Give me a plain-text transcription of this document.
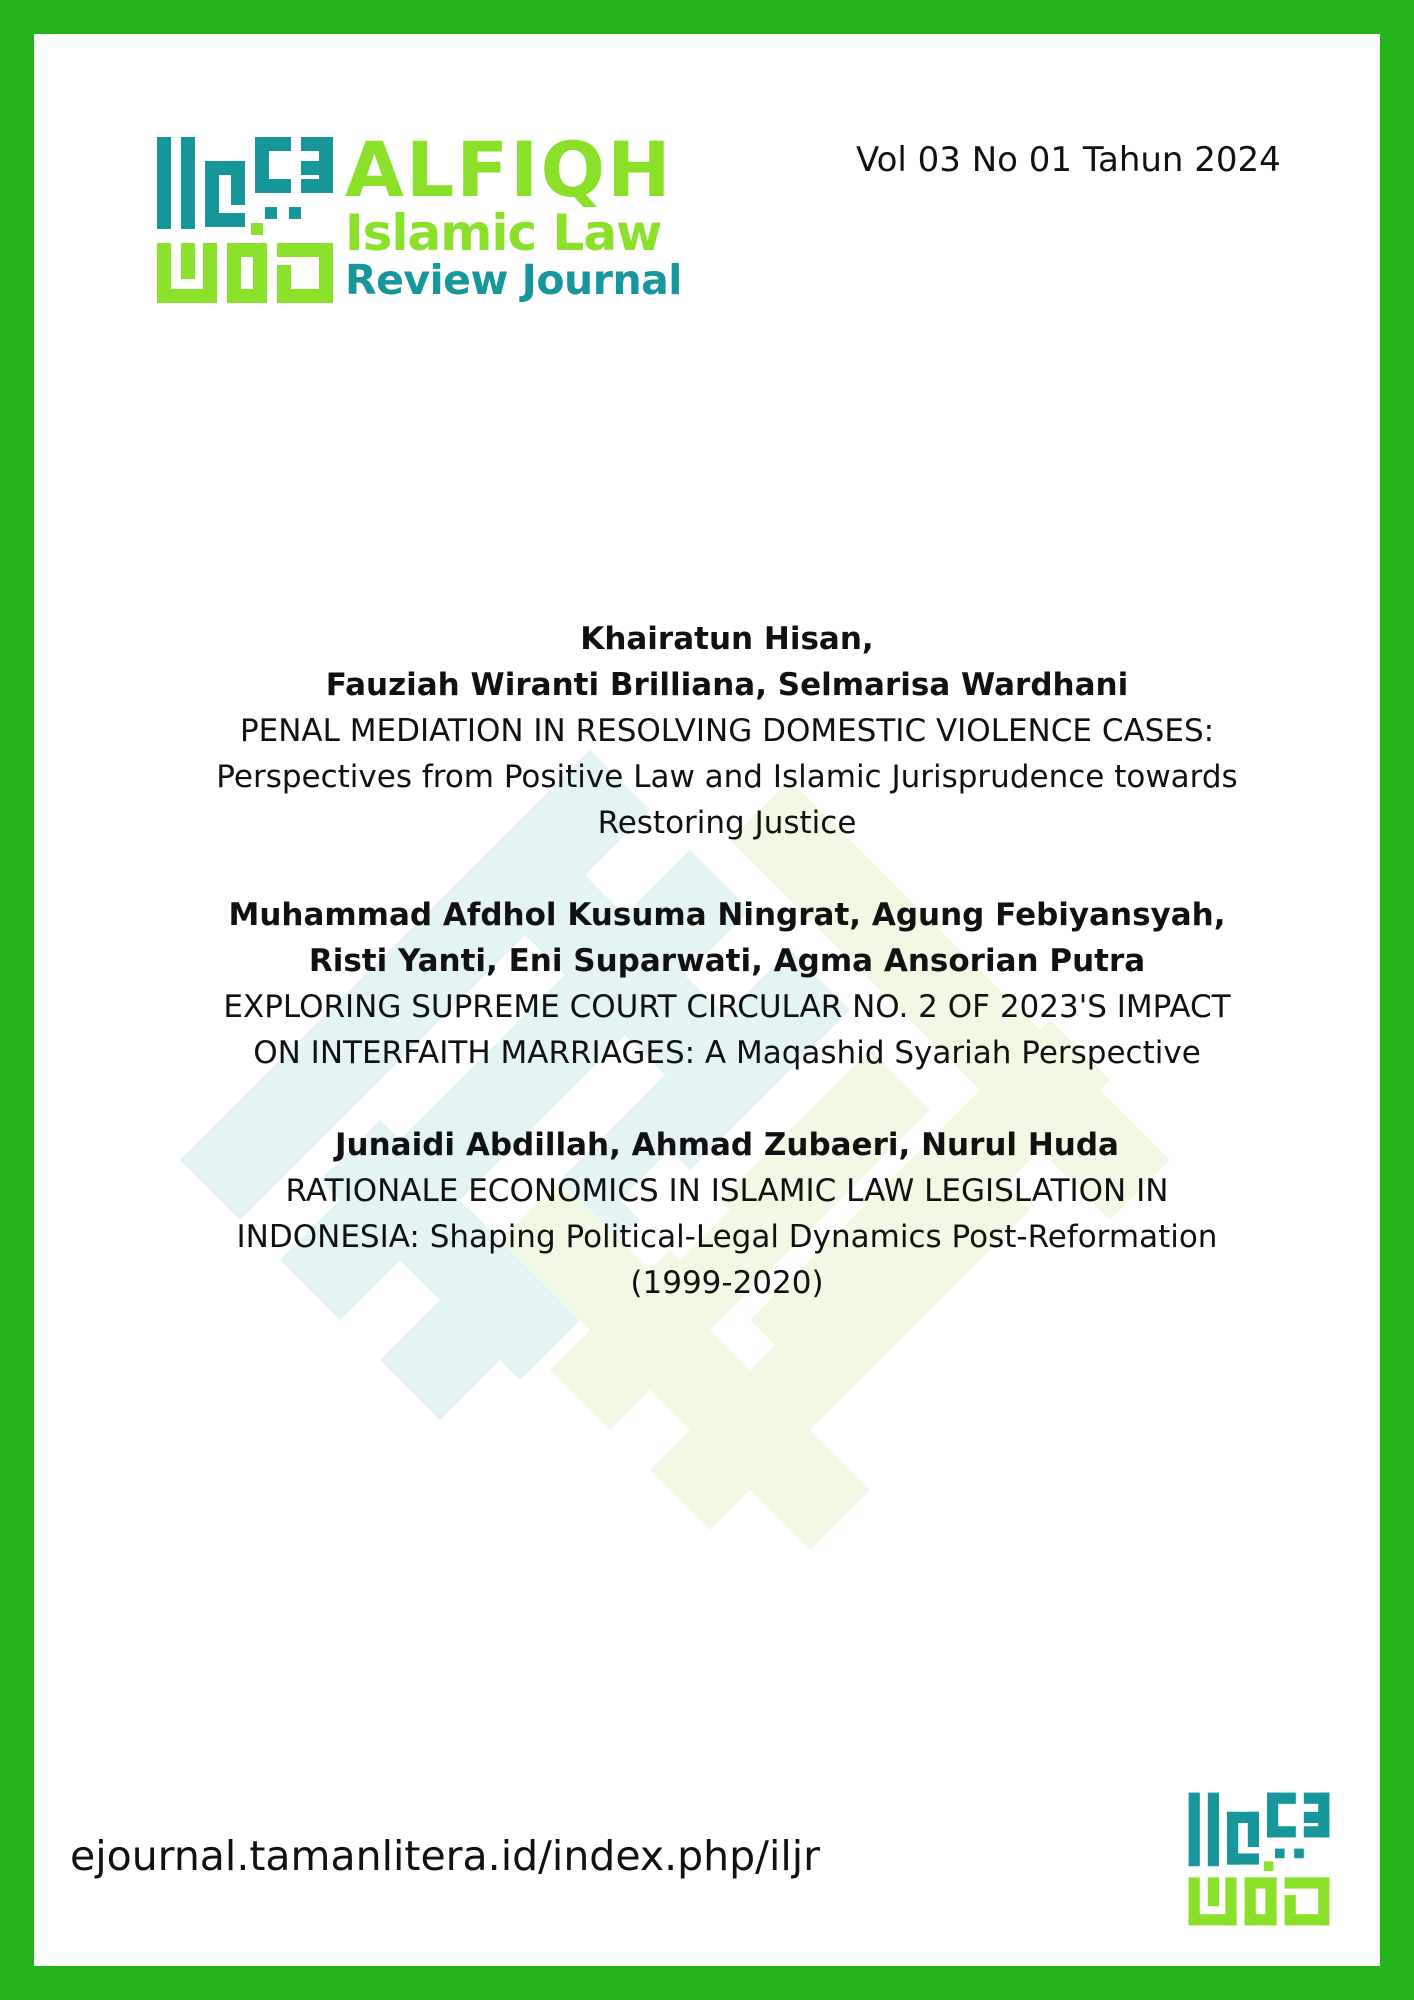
ALFIQH
Islamic Law
Review Journal
Vol 03 No 01 Tahun 2024
Khairatun Hisan,
Fauziah Wiranti Brilliana, Selmarisa Wardhani
PENAL MEDIATION IN RESOLVING DOMESTIC VIOLENCE CASES:
Perspectives from Positive Law and Islamic Jurisprudence towards
Restoring Justice
Muhammad Afdhol Kusuma Ningrat, Agung Febiyansyah,
Risti Yanti, Eni Suparwati, Agma Ansorian Putra
EXPLORING SUPREME COURT CIRCULAR NO. 2 OF 2023'S IMPACT
ON INTERFAITH MARRIAGES: A Maqashid Syariah Perspective
Junaidi Abdillah, Ahmad Zubaeri, Nurul Huda
RATIONALE ECONOMICS IN ISLAMIC LAW LEGISLATION IN
INDONESIA: Shaping Political-Legal Dynamics Post-Reformation
(1999-2020)
ejournal.tamanlitera.id/index.php/iljr
